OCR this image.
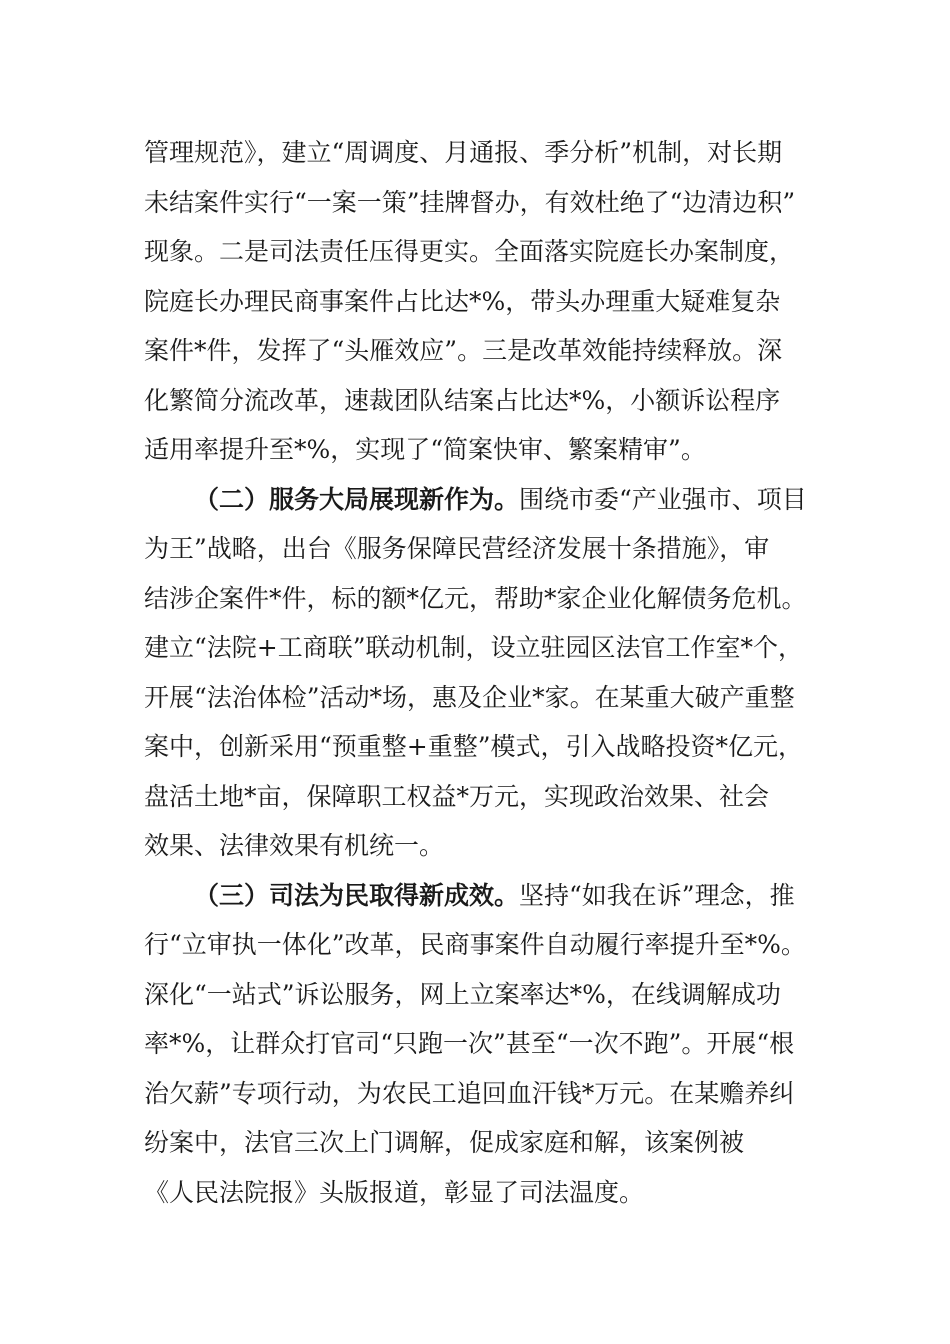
管理规范》，建立“周调度、月通报、季分析”机制，对长期
未结案件实行“一案一策”挂牌督办，有效杜绝了“边清边积”
现象。二是司法责任压得更实。全面落实院庭长办案制度，
院庭长办理民商事案件占比达*%，带头办理重大疑难复杂
案件*件，发挥了“头雁效应”。三是改革效能持续释放。深
化繁简分流改革，速裁团队结案占比达*%，小额诉讼程序
适用率提升至*%，实现了“简案快审、繁案精审”。
（二）服务大局展现新作为。围绕市委“产业强市、项目
为王”战略，出台《服务保障民营经济发展十条措施》，审
结涉企案件*件，标的额*亿元，帮助*家企业化解债务危机。
建立“法院+工商联”联动机制，设立驻园区法官工作室*个，
开展“法治体检”活动*场，惠及企业*家。在某重大破产重整
案中，创新采用“预重整+重整”模式，引入战略投资*亿元，
盘活土地*亩，保障职工权益*万元，实现政治效果、社会
效果、法律效果有机统一。
（三）司法为民取得新成效。坚持“如我在诉”理念，推
行“立审执一体化”改革，民商事案件自动履行率提升至*%。
深化“一站式”诉讼服务，网上立案率达*%，在线调解成功
率*%，让群众打官司“只跑一次”甚至“一次不跑”。开展“根
治欠薪”专项行动，为农民工追回血汗钱*万元。在某赡养纠
纷案中，法官三次上门调解，促成家庭和解，该案例被
《人民法院报》头版报道，彰显了司法温度。
